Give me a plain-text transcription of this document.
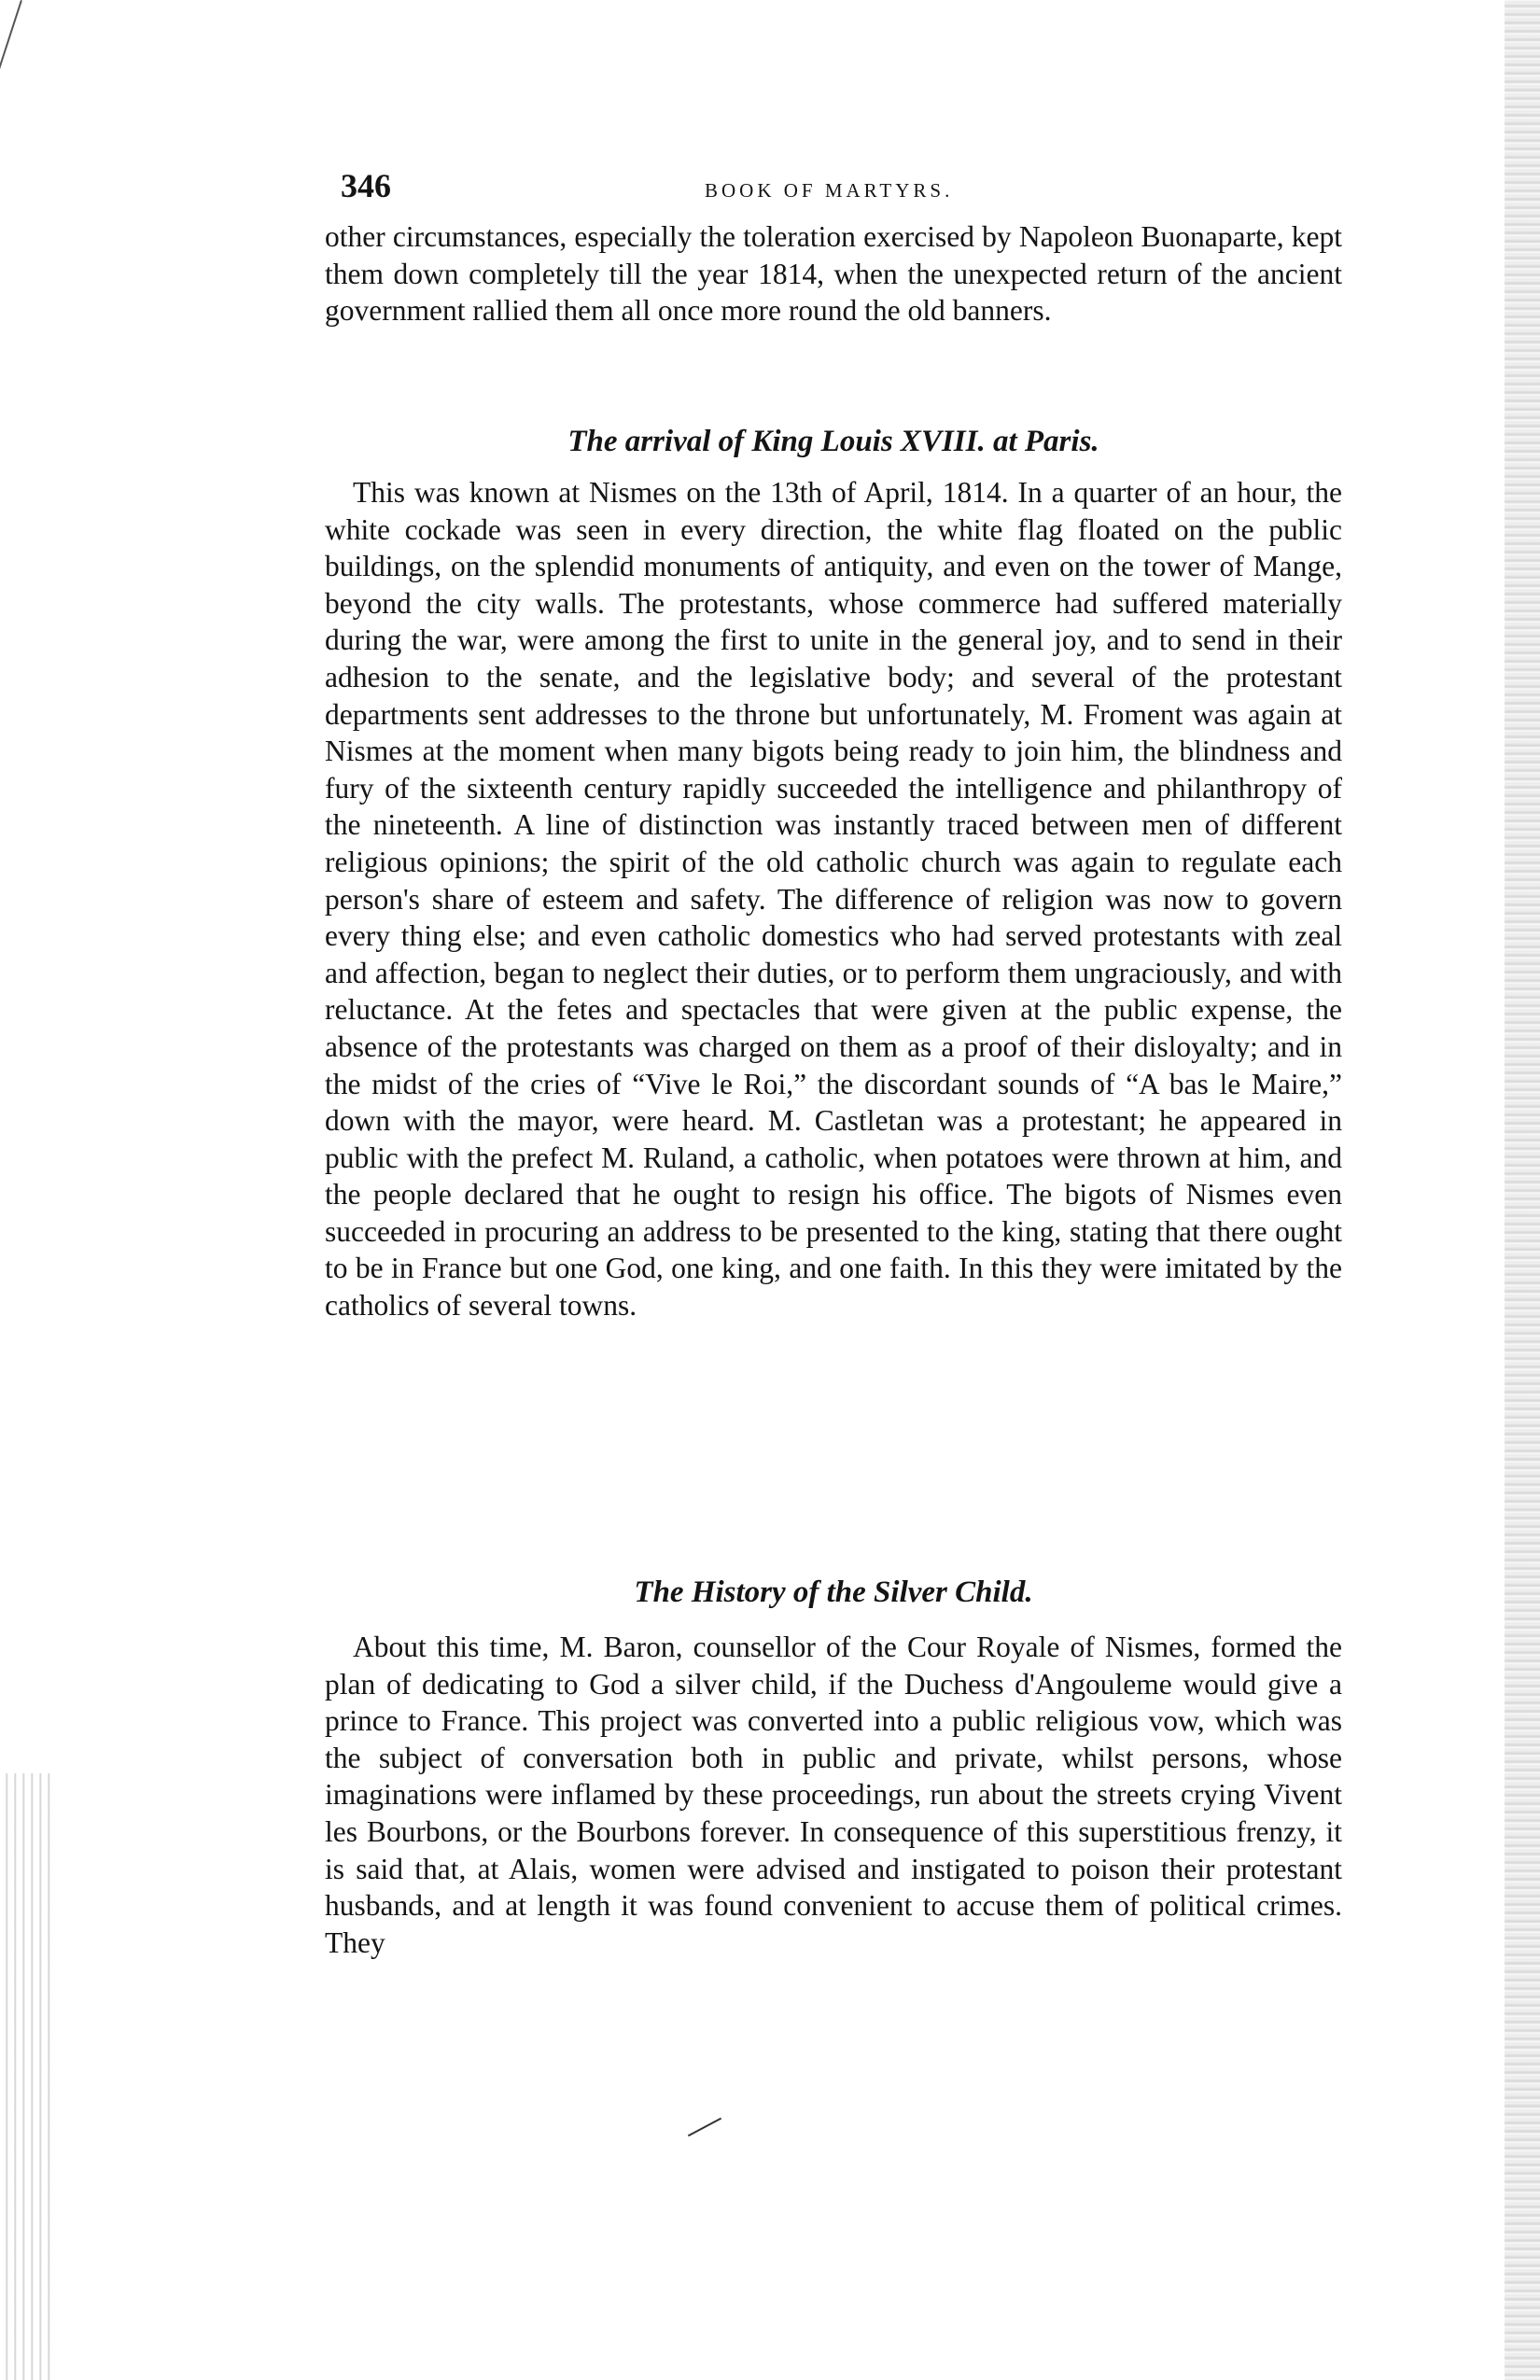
346	BOOK OF MARTYRS.

other circumstances, especially the toleration exercised by Napoleon Buonaparte, kept them down completely till the year 1814, when the unexpected return of the ancient government rallied them all once more round the old banners.

The arrival of King Louis XVIII. at Paris.

This was known at Nismes on the 13th of April, 1814. In a quarter of an hour, the white cockade was seen in every direction, the white flag floated on the public buildings, on the splendid monuments of antiquity, and even on the tower of Mange, beyond the city walls. The protestants, whose commerce had suffered materially during the war, were among the first to unite in the general joy, and to send in their adhesion to the senate, and the legislative body; and several of the protestant departments sent addresses to the throne but unfortunately, M. Froment was again at Nismes at the moment when many bigots being ready to join him, the blindness and fury of the sixteenth century rapidly succeeded the intelligence and philanthropy of the nineteenth. A line of distinction was instantly traced between men of different religious opinions; the spirit of the old catholic church was again to regulate each person's share of esteem and safety. The difference of religion was now to govern every thing else; and even catholic domestics who had served protestants with zeal and affection, began to neglect their duties, or to perform them ungraciously, and with reluctance. At the fetes and spectacles that were given at the public expense, the absence of the protestants was charged on them as a proof of their disloyalty; and in the midst of the cries of “Vive le Roi,” the discordant sounds of “A bas le Maire,” down with the mayor, were heard. M. Castletan was a protestant; he appeared in public with the prefect M. Ruland, a catholic, when potatoes were thrown at him, and the people declared that he ought to resign his office. The bigots of Nismes even succeeded in procuring an address to be presented to the king, stating that there ought to be in France but one God, one king, and one faith. In this they were imitated by the catholics of several towns.

The History of the Silver Child.

About this time, M. Baron, counsellor of the Cour Royale of Nismes, formed the plan of dedicating to God a silver child, if the Duchess d'Angouleme would give a prince to France. This project was converted into a public religious vow, which was the subject of conversation both in public and private, whilst persons, whose imaginations were inflamed by these proceedings, run about the streets crying Vivent les Bourbons, or the Bourbons forever. In consequence of this superstitious frenzy, it is said that, at Alais, women were advised and instigated to poison their protestant husbands, and at length it was found convenient to accuse them of political crimes. They
